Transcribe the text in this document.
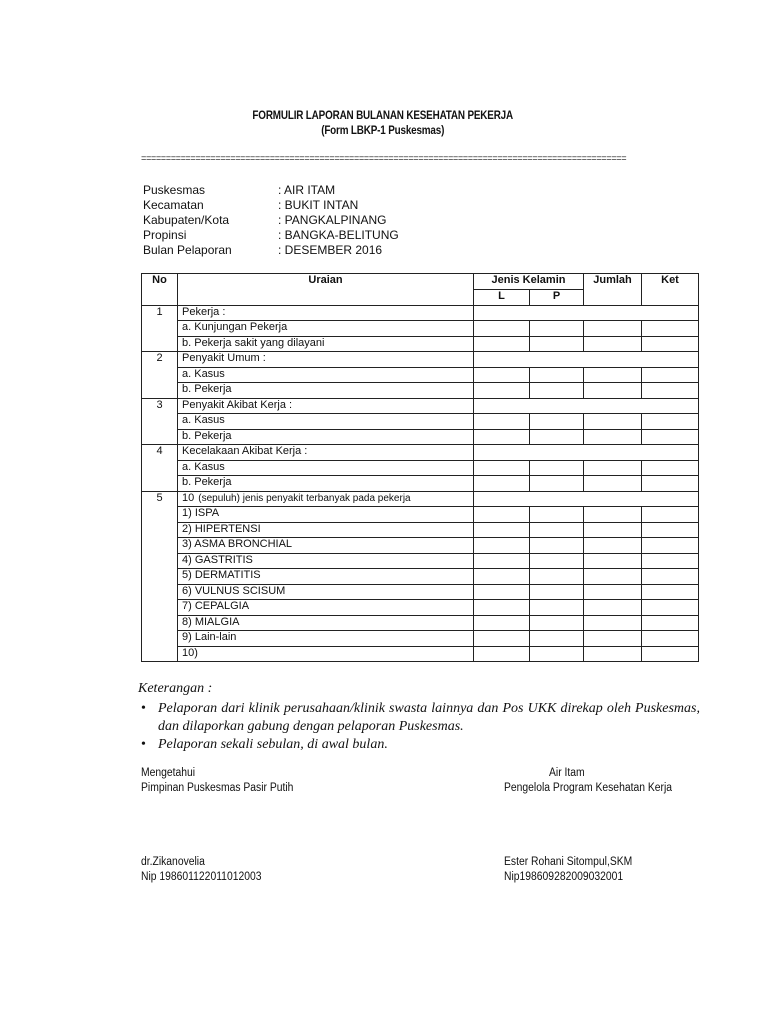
FORMULIR LAPORAN BULANAN KESEHATAN PEKERJA
(Form LBKP-1 Puskesmas)
==================================================================================================
Puskesmas	: AIR ITAM
Kecamatan	: BUKIT INTAN
Kabupaten/Kota	: PANGKALPINANG
Propinsi	: BANGKA-BELITUNG
Bulan Pelaporan	: DESEMBER 2016
No	Uraian	Jenis Kelamin		Jumlah	Ket
		L	P		
1	Pekerja :				
	a. Kunjungan Pekerja				
	b. Pekerja sakit yang dilayani				
2	Penyakit Umum :				
	a. Kasus				
	b. Pekerja				
3	Penyakit Akibat Kerja :				
	a. Kasus				
	b. Pekerja				
4	Kecelakaan Akibat Kerja :				
	a. Kasus				
	b. Pekerja				
5	10 (sepuluh) jenis penyakit terbanyak pada pekerja				
	1) ISPA				
	2) HIPERTENSI				
	3) ASMA BRONCHIAL				
	4) GASTRITIS				
	5) DERMATITIS				
	6) VULNUS SCISUM				
	7) CEPALGIA				
	8) MIALGIA				
	9) Lain-lain				
	10)				
Keterangan :
• Pelaporan dari klinik perusahaan/klinik swasta lainnya dan Pos UKK direkap oleh Puskesmas, dan dilaporkan gabung dengan pelaporan Puskesmas.
• Pelaporan sekali sebulan, di awal bulan.
Mengetahui
Pimpinan Puskesmas Pasir Putih
dr.Zikanovelia
Nip 198601122011012003
Air Itam
Pengelola Program Kesehatan Kerja
Ester Rohani Sitompul,SKM
Nip198609282009032001
